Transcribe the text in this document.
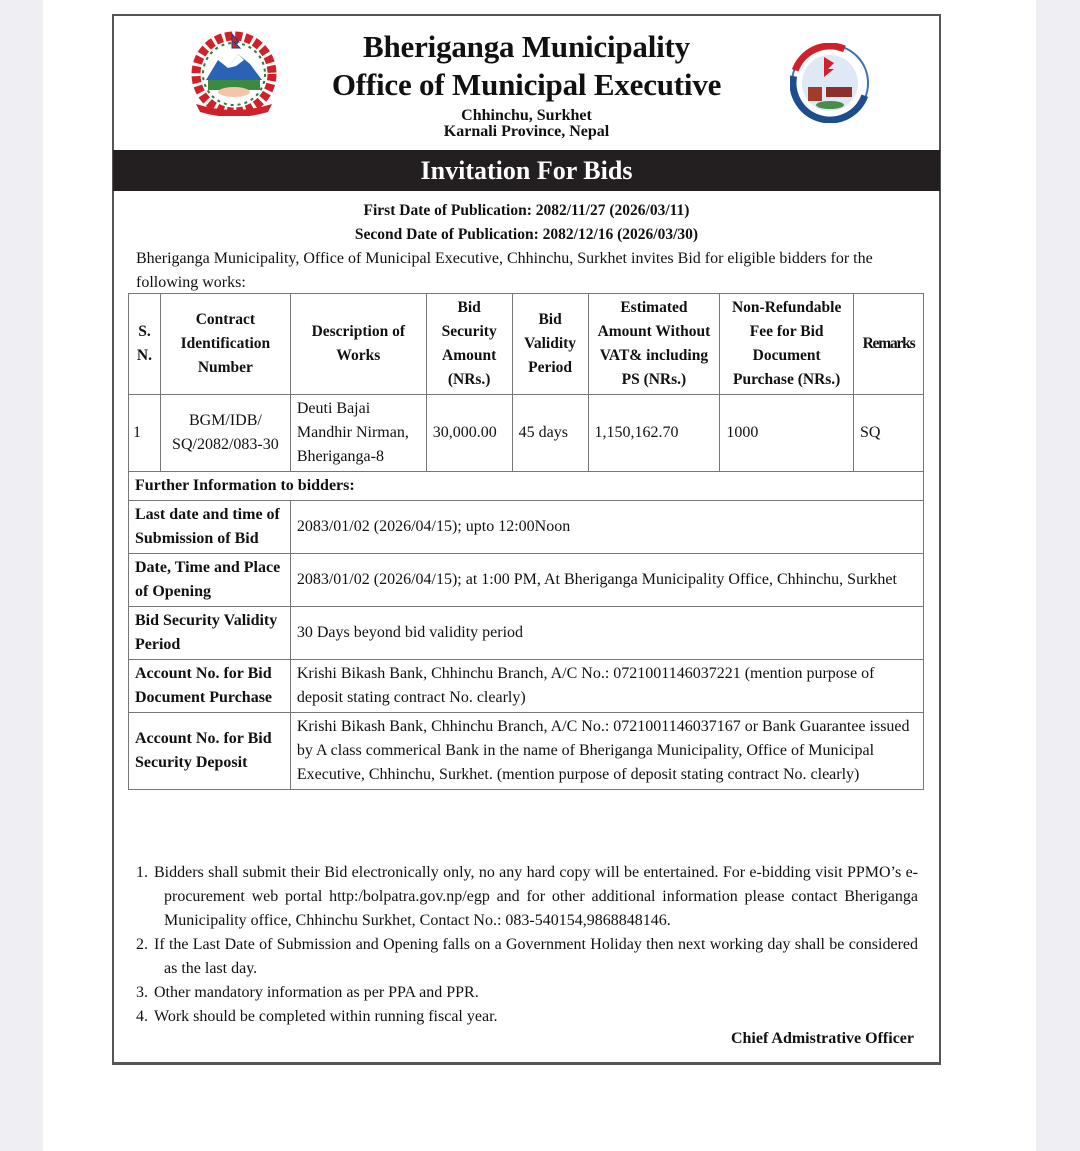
Bheriganga Municipality
Office of Municipal Executive
Chhinchu, Surkhet
Karnali Province, Nepal
Invitation For Bids
First Date of Publication: 2082/11/27 (2026/03/11)
Second Date of Publication: 2082/12/16 (2026/03/30)
Bheriganga Municipality, Office of Municipal Executive, Chhinchu, Surkhet invites Bid for eligible bidders for the following works:
S. N.	Contract Identification Number	Description of Works	Bid Security Amount (NRs.)	Bid Validity Period	Estimated Amount Without VAT& including PS (NRs.)	Non-Refundable Fee for Bid Document Purchase (NRs.)	Remarks
1	BGM/IDB/ SQ/2082/083-30	Deuti Bajai Mandhir Nirman, Bheriganga-8	30,000.00	45 days	1,150,162.70	1000	SQ
Further Information to bidders:							
Last date and time of Submission of Bid		2083/01/02 (2026/04/15); upto 12:00Noon					
Date, Time and Place of Opening		2083/01/02 (2026/04/15); at 1:00 PM, At Bheriganga Municipality Office, Chhinchu, Surkhet					
Bid Security Validity Period		30 Days beyond bid validity period					
Account No. for Bid Document Purchase		Krishi Bikash Bank, Chhinchu Branch, A/C No.: 0721001146037221 (mention purpose of deposit stating contract No. clearly)					
Account No. for Bid Security Deposit		Krishi Bikash Bank, Chhinchu Branch, A/C No.: 0721001146037167 or Bank Guarantee issued by A class commerical Bank in the name of Bheriganga Municipality, Office of Municipal Executive, Chhinchu, Surkhet. (mention purpose of deposit stating contract No. clearly)					
1. Bidders shall submit their Bid electronically only, no any hard copy will be entertained. For e-bidding visit PPMO’s e-procurement web portal http:/bolpatra.gov.np/egp and for other additional information please contact Bheriganga Municipality office, Chhinchu Surkhet, Contact No.: 083-540154,9868848146.
2. If the Last Date of Submission and Opening falls on a Government Holiday then next working day shall be considered as the last day.
3. Other mandatory information as per PPA and PPR.
4. Work should be completed within running fiscal year.
Chief Admistrative Officer
